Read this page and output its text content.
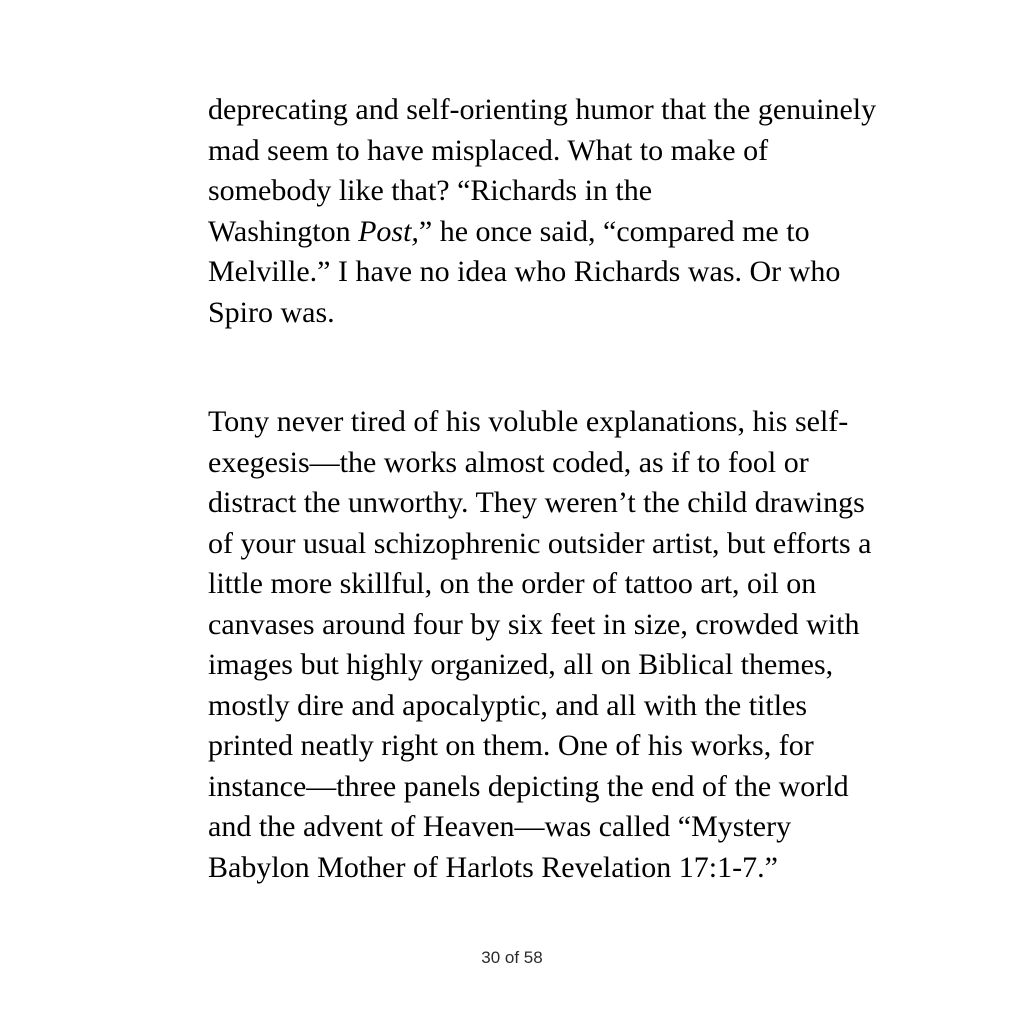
deprecating and self-orienting humor that the genuinely
mad seem to have misplaced. What to make of
somebody like that? “Richards in the
Washington Post,” he once said, “compared me to
Melville.” I have no idea who Richards was. Or who
Spiro was.
Tony never tired of his voluble explanations, his self-
exegesis—the works almost coded, as if to fool or
distract the unworthy. They weren’t the child drawings
of your usual schizophrenic outsider artist, but efforts a
little more skillful, on the order of tattoo art, oil on
canvases around four by six feet in size, crowded with
images but highly organized, all on Biblical themes,
mostly dire and apocalyptic, and all with the titles
printed neatly right on them. One of his works, for
instance—three panels depicting the end of the world
and the advent of Heaven—was called “Mystery
Babylon Mother of Harlots Revelation 17:1-7.”
30 of 58
